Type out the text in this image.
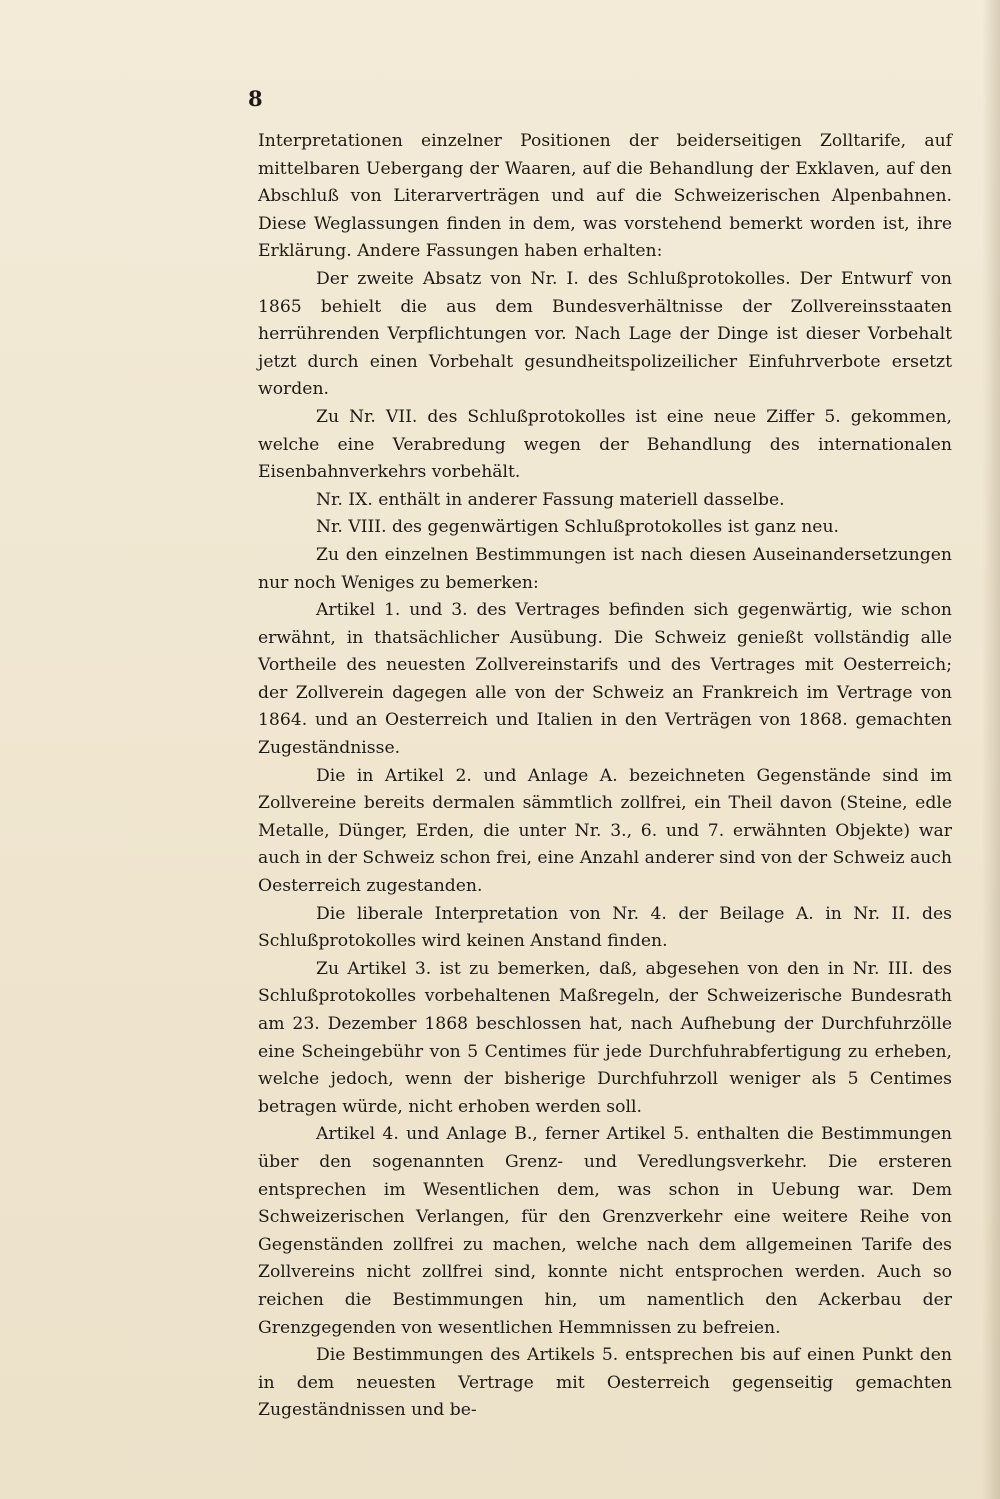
8

Interpretationen einzelner Positionen der beiderseitigen Zolltarife, auf mittelbaren Uebergang der Waaren, auf die Behandlung der Exklaven, auf den Abschluß von Literarverträgen und auf die Schweizerischen Alpenbahnen. Diese Weglassungen finden in dem, was vorstehend bemerkt worden ist, ihre Erklärung. Andere Fassungen haben erhalten:

Der zweite Absatz von Nr. I. des Schlußprotokolles. Der Entwurf von 1865 behielt die aus dem Bundesverhältnisse der Zollvereinsstaaten herrührenden Verpflichtungen vor. Nach Lage der Dinge ist dieser Vorbehalt jetzt durch einen Vorbehalt gesundheitspolizeilicher Einfuhrverbote ersetzt worden.

Zu Nr. VII. des Schlußprotokolles ist eine neue Ziffer 5. gekommen, welche eine Verabredung wegen der Behandlung des internationalen Eisenbahnverkehrs vorbehält.

Nr. IX. enthält in anderer Fassung materiell dasselbe.

Nr. VIII. des gegenwärtigen Schlußprotokolles ist ganz neu.

Zu den einzelnen Bestimmungen ist nach diesen Auseinandersetzungen nur noch Weniges zu bemerken:

Artikel 1. und 3. des Vertrages befinden sich gegenwärtig, wie schon erwähnt, in thatsächlicher Ausübung. Die Schweiz genießt vollständig alle Vortheile des neuesten Zollvereinstarifs und des Vertrages mit Oesterreich; der Zollverein dagegen alle von der Schweiz an Frankreich im Vertrage von 1864. und an Oesterreich und Italien in den Verträgen von 1868. gemachten Zugeständnisse.

Die in Artikel 2. und Anlage A. bezeichneten Gegenstände sind im Zollvereine bereits dermalen sämmtlich zollfrei, ein Theil davon (Steine, edle Metalle, Dünger, Erden, die unter Nr. 3., 6. und 7. erwähnten Objekte) war auch in der Schweiz schon frei, eine Anzahl anderer sind von der Schweiz auch Oesterreich zugestanden.

Die liberale Interpretation von Nr. 4. der Beilage A. in Nr. II. des Schlußprotokolles wird keinen Anstand finden.

Zu Artikel 3. ist zu bemerken, daß, abgesehen von den in Nr. III. des Schlußprotokolles vorbehaltenen Maßregeln, der Schweizerische Bundesrath am 23. Dezember 1868 beschlossen hat, nach Aufhebung der Durchfuhrzölle eine Scheingebühr von 5 Centimes für jede Durchfuhrabfertigung zu erheben, welche jedoch, wenn der bisherige Durchfuhrzoll weniger als 5 Centimes betragen würde, nicht erhoben werden soll.

Artikel 4. und Anlage B., ferner Artikel 5. enthalten die Bestimmungen über den sogenannten Grenz- und Veredlungsverkehr. Die ersteren entsprechen im Wesentlichen dem, was schon in Uebung war. Dem Schweizerischen Verlangen, für den Grenzverkehr eine weitere Reihe von Gegenständen zollfrei zu machen, welche nach dem allgemeinen Tarife des Zollvereins nicht zollfrei sind, konnte nicht entsprochen werden. Auch so reichen die Bestimmungen hin, um namentlich den Ackerbau der Grenzgegenden von wesentlichen Hemmnissen zu befreien.

Die Bestimmungen des Artikels 5. entsprechen bis auf einen Punkt den in dem neuesten Vertrage mit Oesterreich gegenseitig gemachten Zugeständnissen und be-
